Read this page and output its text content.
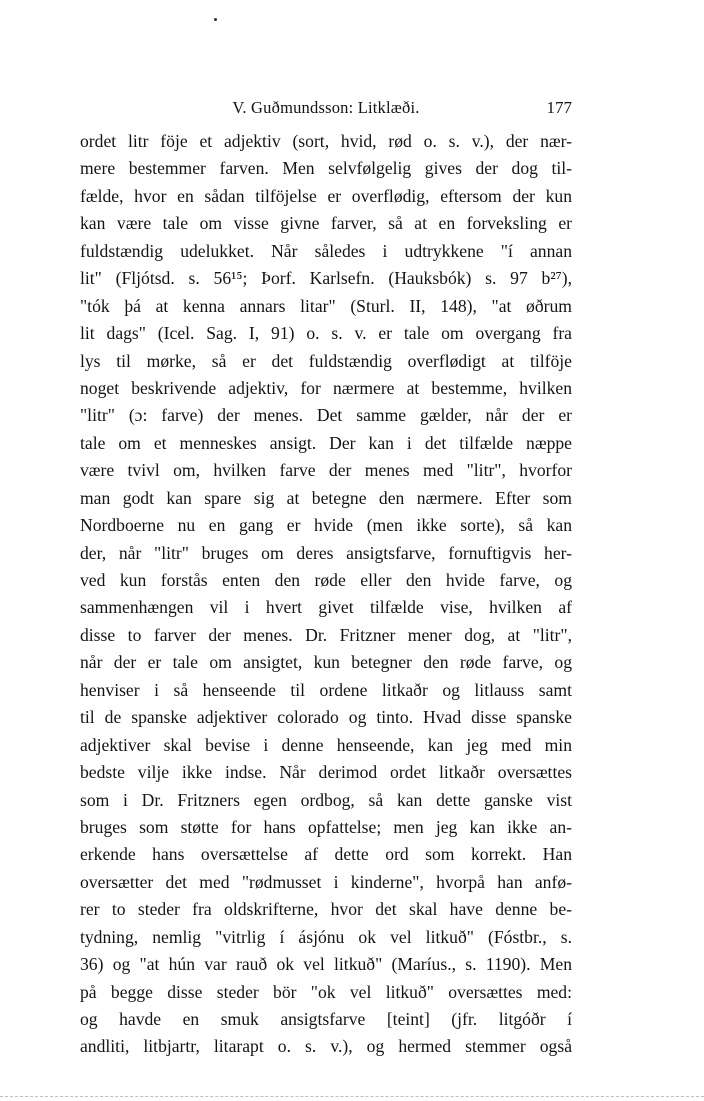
V. Guðmundsson: Litklæði.	177
ordet litr föje et adjektiv (sort, hvid, rød o. s. v.), der nær-
mere bestemmer farven. Men selvfølgelig gives der dog til-
fælde, hvor en sådan tilföjelse er overflødig, eftersom der kun
kan være tale om visse givne farver, så at en forveksling er
fuldstændig udelukket. Når således i udtrykkene "í annan
lit" (Fljótsd. s. 56¹⁵; Þorf. Karlsefn. (Hauksbók) s. 97 b²⁷),
"tók þá at kenna annars litar" (Sturl. II, 148), "at øðrum
lit dags" (Icel. Sag. I, 91) o. s. v. er tale om overgang fra
lys til mørke, så er det fuldstændig overflødigt at tilföje
noget beskrivende adjektiv, for nærmere at bestemme, hvilken
"litr" (ɔ: farve) der menes. Det samme gælder, når der er
tale om et menneskes ansigt. Der kan i det tilfælde næppe
være tvivl om, hvilken farve der menes med "litr", hvorfor
man godt kan spare sig at betegne den nærmere. Efter som
Nordboerne nu en gang er hvide (men ikke sorte), så kan
der, når "litr" bruges om deres ansigtsfarve, fornuftigvis her-
ved kun forstås enten den røde eller den hvide farve, og
sammenhængen vil i hvert givet tilfælde vise, hvilken af
disse to farver der menes. Dr. Fritzner mener dog, at "litr",
når der er tale om ansigtet, kun betegner den røde farve, og
henviser i så henseende til ordene litkaðr og litlauss samt
til de spanske adjektiver colorado og tinto. Hvad disse spanske
adjektiver skal bevise i denne henseende, kan jeg med min
bedste vilje ikke indse. Når derimod ordet litkaðr oversættes
som i Dr. Fritzners egen ordbog, så kan dette ganske vist
bruges som støtte for hans opfattelse; men jeg kan ikke an-
erkende hans oversættelse af dette ord som korrekt. Han
oversætter det med "rødmusset i kinderne", hvorpå han anfø-
rer to steder fra oldskrifterne, hvor det skal have denne be-
tydning, nemlig "vitrlig í ásjónu ok vel litkuð" (Fóstbr., s.
36) og "at hún var rauð ok vel litkuð" (Maríus., s. 1190). Men
på begge disse steder bör "ok vel litkuð" oversættes med:
og havde en smuk ansigtsfarve [teint] (jfr. litgóðr í
andliti, litbjartr, litarapt o. s. v.), og hermed stemmer også
